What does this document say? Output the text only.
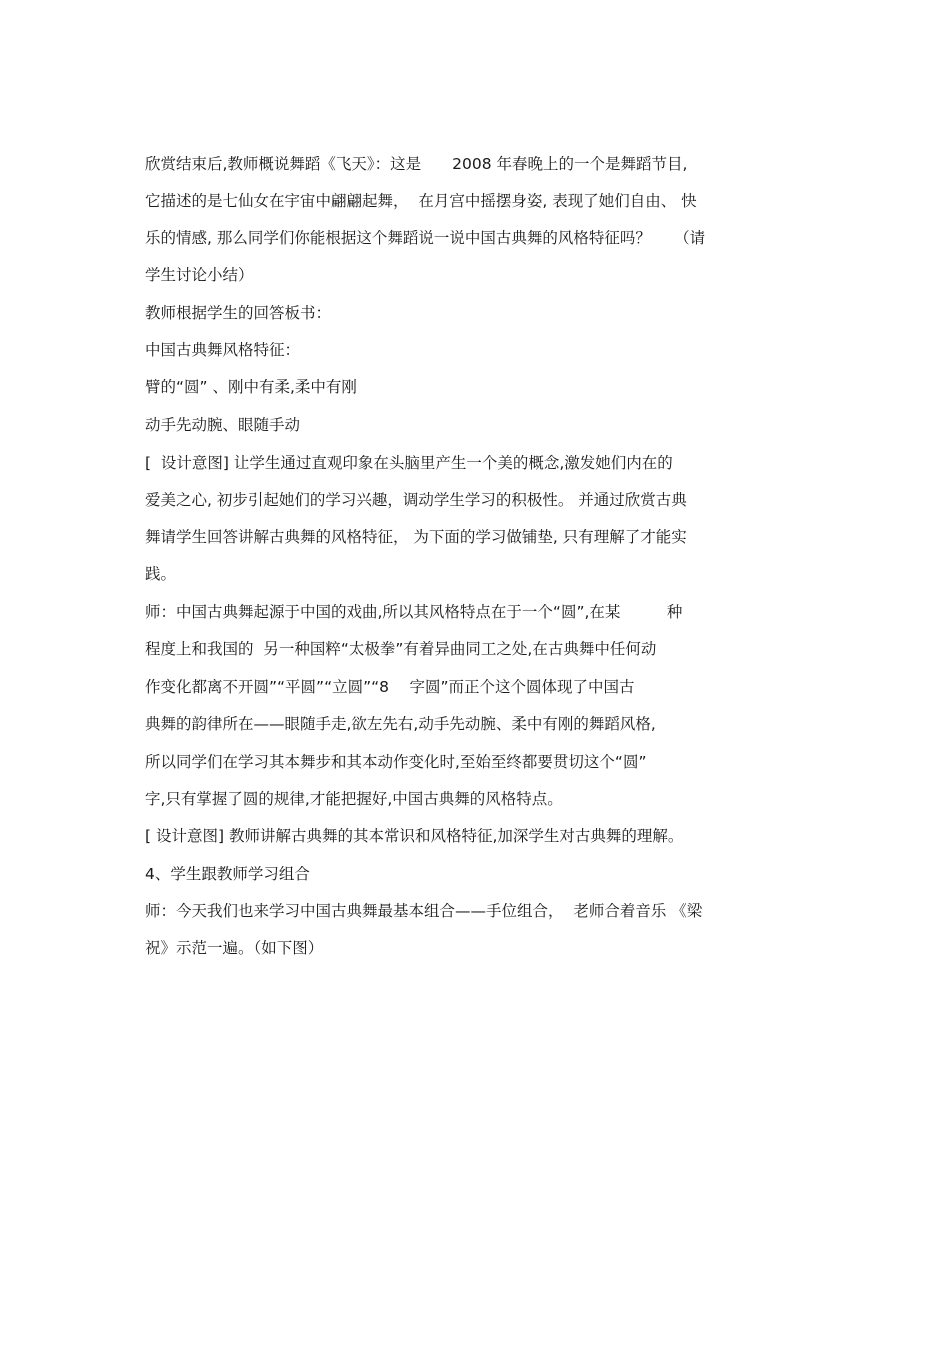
欣赏结束后,教师概说舞蹈《飞天》：这是　　2008 年春晚上的一个是舞蹈节目,
它描述的是七仙女在宇宙中翩翩起舞，  在月宫中摇摆身姿, 表现了她们自由、 快
乐的情感, 那么同学们你能根据这个舞蹈说一说中国古典舞的风格特征吗？　　（请
学生讨论小结）
教师根据学生的回答板书：
中国古典舞风格特征：
臂的“圆” 、刚中有柔,柔中有刚
动手先动腕、眼随手动
[  设计意图] 让学生通过直观印象在头脑里产生一个美的概念,激发她们内在的
爱美之心, 初步引起她们的学习兴趣，调动学生学习的积极性。 并通过欣赏古典
舞请学生回答讲解古典舞的风格特征， 为下面的学习做铺垫, 只有理解了才能实
践。
师：中国古典舞起源于中国的戏曲,所以其风格特点在于一个“圆”,在某　　　种
程度上和我国的  另一种国粹“太极拳”有着异曲同工之处,在古典舞中任何动
作变化都离不开圆”“平圆”“立圆”“8　 字圆”而正个这个圆体现了中国古
典舞的韵律所在——眼随手走,欲左先右,动手先动腕、柔中有刚的舞蹈风格,
所以同学们在学习其本舞步和其本动作变化时,至始至终都要贯切这个“圆”
字,只有掌握了圆的规律,才能把握好,中国古典舞的风格特点。
[ 设计意图] 教师讲解古典舞的其本常识和风格特征,加深学生对古典舞的理解。
4、学生跟教师学习组合
师：今天我们也来学习中国古典舞最基本组合——手位组合，  老师合着音乐 《梁
祝》示范一遍。（如下图）
